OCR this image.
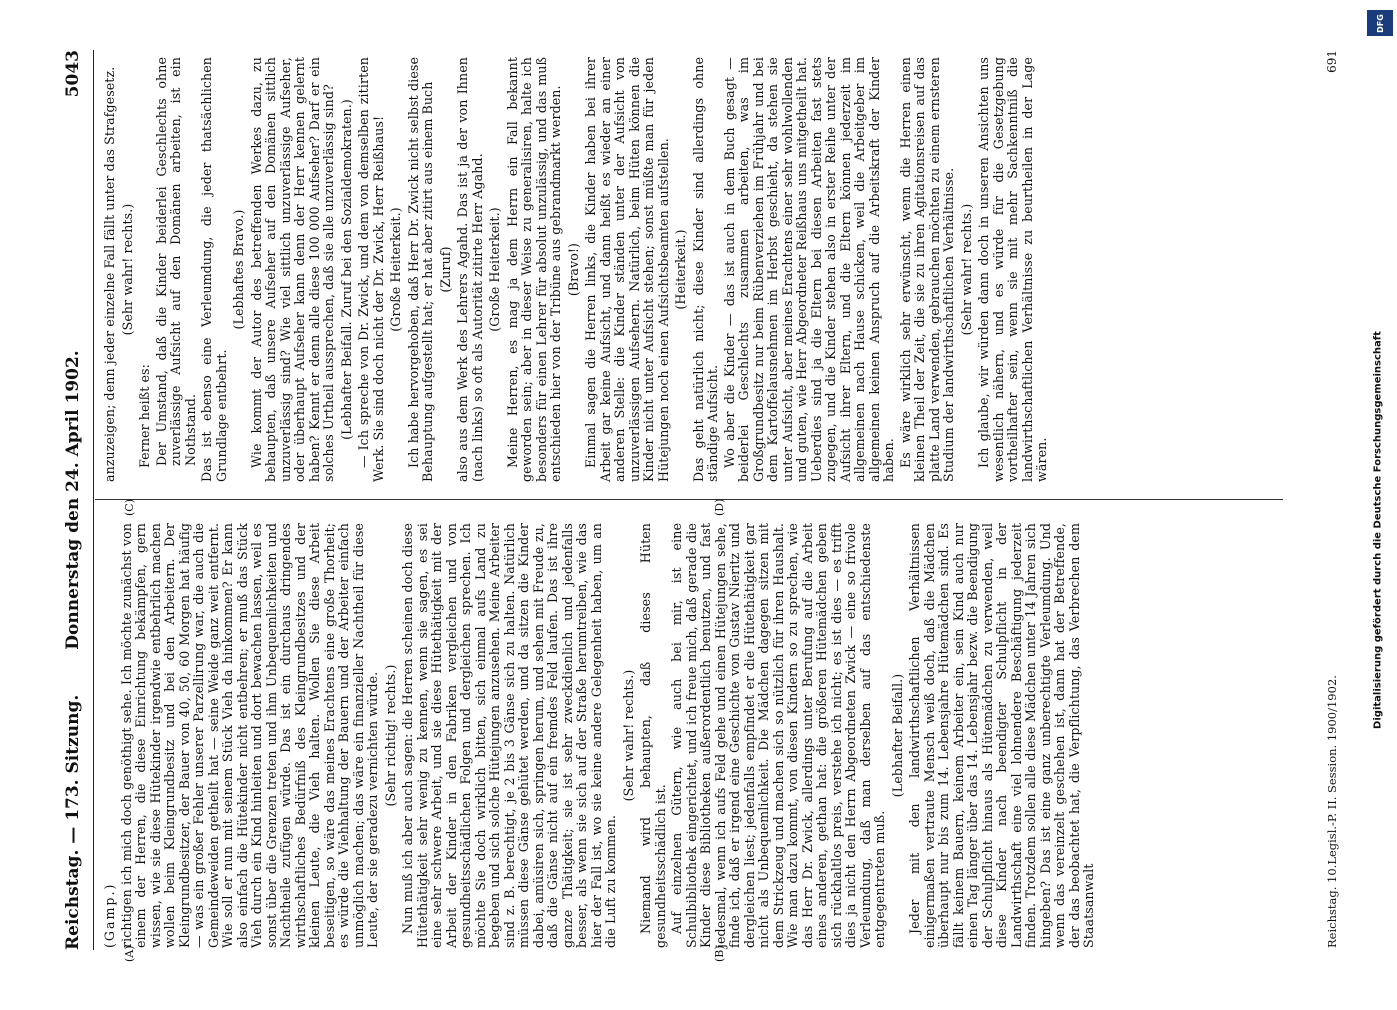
Reichstag. — 173. Sitzung.
Donnerstag den 24. April 1902.
5043
(A)	(B)
(C)	(D)

(Gamp.) richtigen ich mich doch genöthigt sehe. Ich möchte zunächst von einem der Herren, die diese Einrichtung bekämpfen, gern wissen, wie sie diese Hütekinder irgendwie entbehrlich machen wollen beim Kleingrundbesitz und bei den Arbeitern. Der Kleingrundbesitzer, der Bauer von 40, 50, 60 Morgen hat häufig — was ein großer Fehler unserer Parzellirung war, die auch die Gemeindeweiden getheilt hat — seine Weide ganz weit entfernt. Wie soll er nun mit seinem Stück Vieh da hinkommen? Er kann also einfach die Hütekinder nicht entbehren; er muß das Stück Vieh durch ein Kind hinleiten und dort bewachen lassen, weil es sonst über die Grenzen treten und ihm Unbequemlichkeiten und Nachtheile zufügen würde. Das ist ein durchaus dringendes wirthschaftliches Bedürfniß des Kleingrundbesitzes und der kleinen Leute, die Vieh halten. Wollen Sie diese Arbeit beseitigen, so wäre das meines Erachtens eine große Thorheit; es würde die Viehhaltung der Bauern und der Arbeiter einfach unmöglich machen; das wäre ein finanzieller Nachtheil für diese Leute, der sie geradezu vernichten würde. (Sehr richtig! rechts.) Nun muß ich aber auch sagen: die Herren scheinen doch diese Hütethätigkeit sehr wenig zu kennen, wenn sie sagen, es sei eine sehr schwere Arbeit, und sie diese Hütethätigkeit mit der Arbeit der Kinder in den Fabriken vergleichen und von gesundheitsschädlichen Folgen und dergleichen sprechen. Ich möchte Sie doch wirklich bitten, sich einmal aufs Land zu begeben und sich solche Hütejungen anzusehen. Meine Arbeiter sind z. B. berechtigt, je 2 bis 3 Gänse sich zu halten. Natürlich müssen diese Gänse gehütet werden, und da sitzen die Kinder dabei, amüsiren sich, springen herum, und sehen mit Freude zu, daß die Gänse nicht auf ein fremdes Feld laufen. Das ist ihre ganze Thätigkeit; sie ist sehr zweckdienlich und jedenfalls besser, als wenn sie sich auf der Straße herumtreiben, wie das hier der Fall ist, wo sie keine andere Gelegenheit haben, um an die Luft zu kommen.

(Sehr wahr! rechts.) Niemand wird behaupten, daß dieses Hüten gesundheitsschädlich ist. Auf einzelnen Gütern, wie auch bei mir, ist eine Schulbibliothek eingerichtet, und ich freue mich, daß gerade die Kinder diese Bibliotheken außerordentlich benutzen, und fast jedesmal, wenn ich aufs Feld gehe und einen Hütejungen sehe, finde ich, daß er irgend eine Geschichte von Gustav Nieritz und dergleichen liest; jedenfalls empfindet er die Hütethätigkeit gar nicht als Unbequemlichkeit. Die Mädchen dagegen sitzen mit dem Strickzeug und machen sich so nützlich für ihren Haushalt. Wie man dazu kommt, von diesen Kindern so zu sprechen, wie das Herr Dr. Zwick, allerdings unter Berufung auf die Arbeit eines anderen, gethan hat: die größeren Hütemädchen geben sich rückhaltlos preis, verstehe ich nicht; es ist dies — es trifft dies ja nicht den Herrn Abgeordneten Zwick — eine so frivole Verleumdung, daß man derselben auf das entschiedenste entgegentreten muß.

(Lebhafter Beifall.) Jeder mit den landwirthschaftlichen Verhältnissen einigermaßen vertraute Mensch weiß doch, daß die Mädchen überhaupt nur bis zum 14. Lebensjahre Hütemädchen sind. Es fällt keinem Bauern, keinem Arbeiter ein, sein Kind auch nur einen Tag länger über das 14. Lebensjahr bezw. die Beendigung der Schulpflicht hinaus als Hütemädchen zu verwenden, weil diese Kinder nach beendigter Schulpflicht in der Landwirthschaft eine viel lohnendere Beschäftigung jederzeit finden. Trotzdem sollen alle diese Mädchen unter 14 Jahren sich hingeben? Das ist eine ganz unberechtigte Verleumdung. Und wenn das vereinzelt geschehen ist, dann hat der Betreffende, der das beobachtet hat, die Verpflichtung, das Verbrechen dem Staatsanwalt

anzuzeigen; denn jeder einzelne Fall fällt unter das Strafgesetz. (Sehr wahr! rechts.)

Ferner heißt es: Der Umstand, daß die Kinder beiderlei Geschlechts ohne zuverlässige Aufsicht auf den Domänen arbeiten, ist ein Nothstand. Das ist ebenso eine Verleumdung, die jeder thatsächlichen Grundlage entbehrt.

(Lebhaftes Bravo.) Wie kommt der Autor des betreffenden Werkes dazu, zu behaupten, daß unsere Aufseher auf den Domänen sittlich unzuverlässig sind? Wie viel sittlich unzuverlässige Aufseher, oder überhaupt Aufseher kann denn der Herr kennen gelernt haben? Kennt er denn alle diese 100 000 Aufseher? Darf er ein solches Urtheil aussprechen, daß sie alle unzuverlässig sind? (Lebhafter Beifall. Zuruf bei den Sozialdemokraten.) — Ich spreche von Dr. Zwick, und dem von demselben zitirten Werk. Sie sind doch nicht der Dr. Zwick, Herr Reißhaus! (Große Heiterkeit.) Ich habe hervorgehoben, daß Herr Dr. Zwick nicht selbst diese Behauptung aufgestellt hat; er hat aber zitirt aus einem Buch (Zuruf) also aus dem Werk des Lehrers Agahd. Das ist ja der von Ihnen (nach links) so oft als Autorität zitirte Herr Agahd. (Große Heiterkeit.) Meine Herren, es mag ja dem Herrn ein Fall bekannt geworden sein; aber in dieser Weise zu generalisiren, halte ich besonders für einen Lehrer für absolut unzulässig, und das muß entschieden hier von der Tribüne aus gebrandmarkt werden. (Bravo!) Einmal sagen die Herren links, die Kinder haben bei ihrer Arbeit gar keine Aufsicht, und dann heißt es wieder an einer anderen Stelle: die Kinder ständen unter der Aufsicht von unzuverlässigen Aufsehern. Natürlich, beim Hüten können die Kinder nicht unter Aufsicht stehen; sonst müßte man für jeden Hütejungen noch einen Aufsichtsbeamten aufstellen. (Heiterkeit.) Das geht natürlich nicht; diese Kinder sind allerdings ohne ständige Aufsicht. Wo aber die Kinder — das ist auch in dem Buch gesagt — beiderlei Geschlechts zusammen arbeiten, was im Großgrundbesitz nur beim Rübenverziehen im Frühjahr und bei dem Kartoffelausnehmen im Herbst geschieht, da stehen sie unter Aufsicht, aber meines Erachtens einer sehr wohlwollenden und guten, wie Herr Abgeordneter Reißhaus uns mitgetheilt hat. Ueberdies sind ja die Eltern bei diesen Arbeiten fast stets zugegen, und die Kinder stehen also in erster Reihe unter der Aufsicht ihrer Eltern, und die Eltern können jederzeit im allgemeinen nach Hause schicken, weil die Arbeitgeber im allgemeinen keinen Anspruch auf die Arbeitskraft der Kinder haben. Es wäre wirklich sehr erwünscht, wenn die Herren einen kleinen Theil der Zeit, die sie zu ihren Agitationsreisen auf das platte Land verwenden, gebrauchen möchten zu einem ernsteren Studium der landwirthschaftlichen Verhältnisse. (Sehr wahr! rechts.) Ich glaube, wir würden dann doch in unseren Ansichten uns wesentlich nähern, und es würde für die Gesetzgebung vortheilhafter sein, wenn sie mit mehr Sachkenntniß die landwirthschaftlichen Verhältnisse zu beurtheilen in der Lage wären.

Reichstag. 10.Legisl.-P. II. Session. 1900/1902.
691
DFG
Digitalisierung gefördert durch die Deutsche Forschungsgemeinschaft
